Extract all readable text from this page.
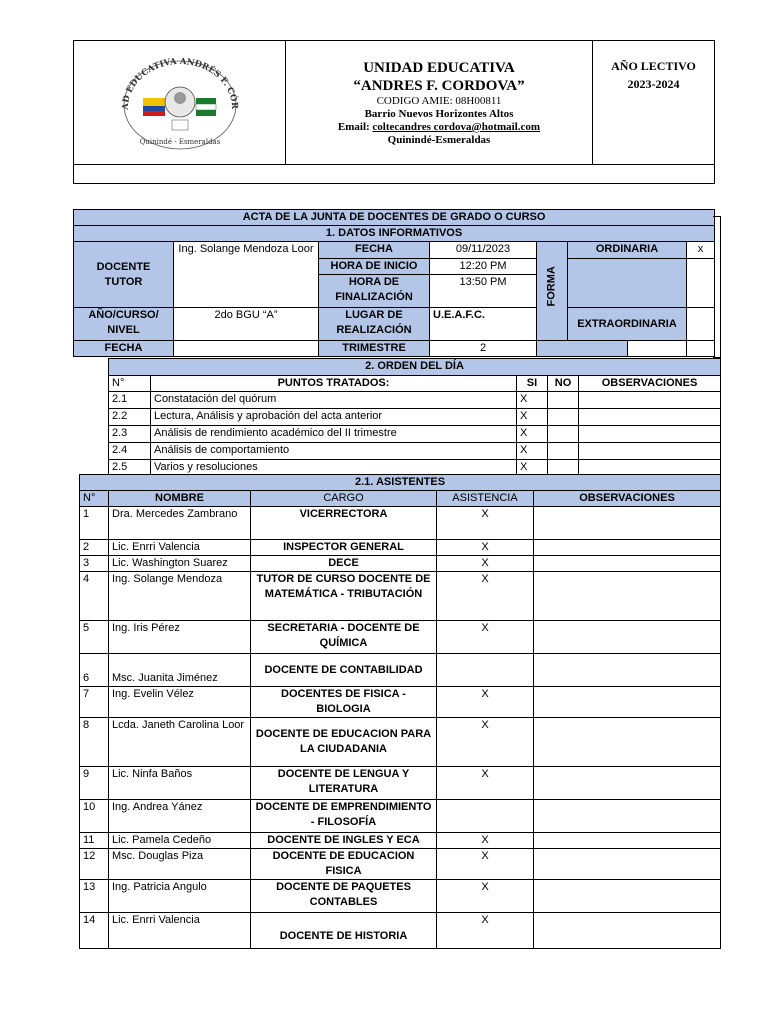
AD EDUCATIVA ANDRÉS F. CÓR
Quinindé - Esmeraldas

UNIDAD EDUCATIVA
“ANDRES F. CORDOVA”
CODIGO AMIE: 08H00811
Barrio Nuevos Horizontes Altos
Email: coltecandres cordova@hotmail.com
Quinindé-Esmeraldas

AÑO LECTIVO
2023-2024

ACTA DE LA JUNTA DE DOCENTES DE GRADO O CURSO							
1. DATOS INFORMATIVOS							
DOCENTE TUTOR	Ing. Solange Mendoza Loor	FECHA	09/11/2023	FORMA	ORDINARIA		x
		HORA DE INICIO	12:20 PM				
		HORA DE FINALIZACIÓN	13:50 PM				
AÑO/CURSO/ NIVEL	2do BGU “A”	LUGAR DE REALIZACIÓN	U.E.A.F.C.		EXTRAORDINARIA		
FECHA		TRIMESTRE	2				
2. ORDEN DEL DÍA				
N°	PUNTOS TRATADOS:	SI	NO	OBSERVACIONES
2.1	Constatación del quórum	X		
2.2	Lectura, Análisis y aprobación del acta anterior	X		
2.3	Análisis de rendimiento académico del II trimestre	X		
2.4	Análisis de comportamiento	X		
2.5	Varios y resoluciones	X		
2.1. ASISTENTES				
N°	NOMBRE	CARGO	ASISTENCIA	OBSERVACIONES
1	Dra. Mercedes Zambrano	VICERRECTORA	X	
2	Lic. Enrri Valencia	INSPECTOR GENERAL	X	
3	Lic. Washington Suarez	DECE	X	
4	Ing. Solange Mendoza	TUTOR DE CURSO DOCENTE DE MATEMÁTICA - TRIBUTACIÓN	X	
5	Ing. Iris Pérez	SECRETARIA - DOCENTE DE QUÍMICA	X	
6	Msc. Juanita Jiménez	DOCENTE DE CONTABILIDAD		
7	Ing. Evelin Vélez	DOCENTES DE FISICA - BIOLOGIA	X	
8	Lcda. Janeth Carolina Loor	DOCENTE DE EDUCACION PARA LA CIUDADANIA	X	
9	Lic. Ninfa Baños	DOCENTE DE LENGUA Y LITERATURA	X	
10	Ing. Andrea Yánez	DOCENTE DE EMPRENDIMIENTO - FILOSOFÍA		
11	Lic. Pamela Cedeño	DOCENTE DE INGLES Y ECA	X	
12	Msc. Douglas Piza	DOCENTE DE EDUCACION FISICA	X	
13	Ing. Patricia Angulo	DOCENTE DE PAQUETES CONTABLES	X	
14	Lic. Enrri Valencia	DOCENTE DE HISTORIA	X	
